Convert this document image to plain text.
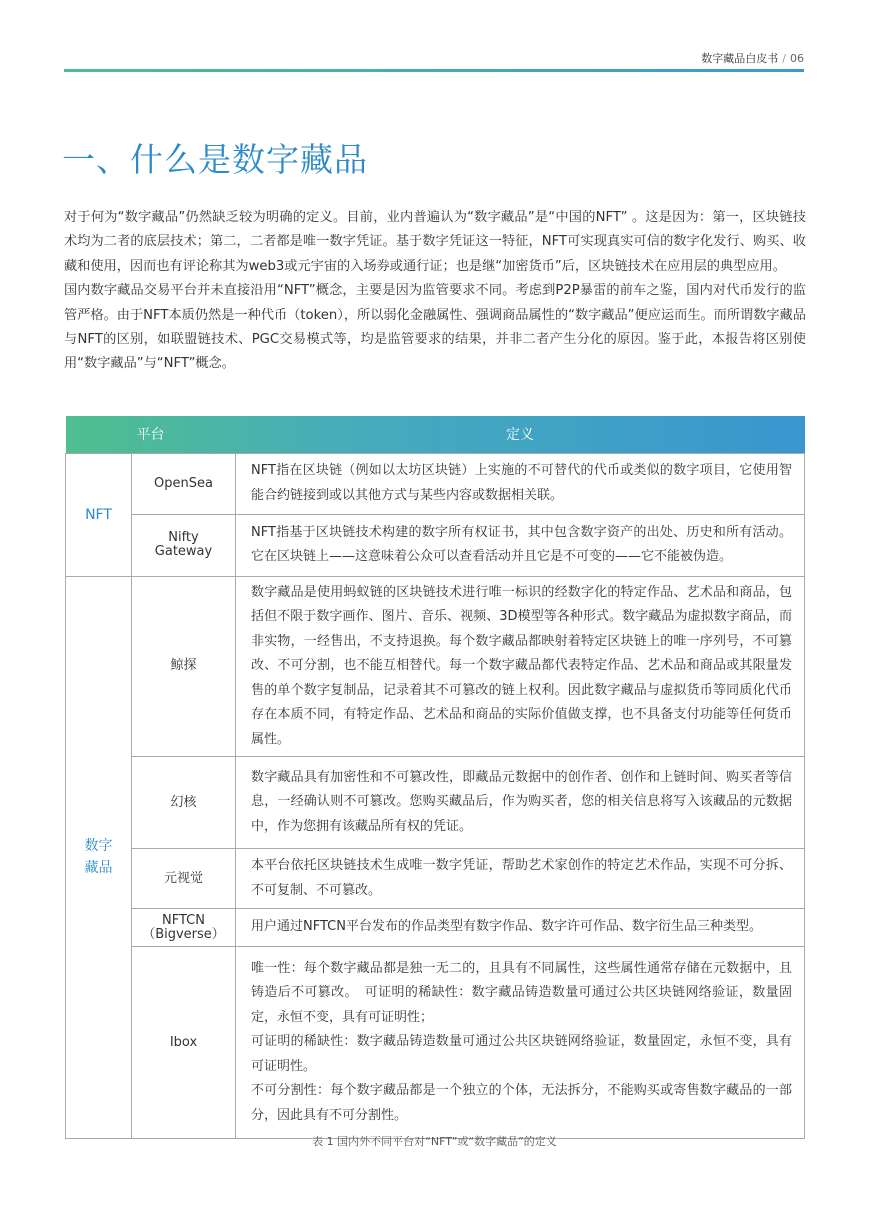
数字藏品白皮书 / 06
一、什么是数字藏品

对于何为“数字藏品”仍然缺乏较为明确的定义。目前，业内普遍认为“数字藏品”是“中国的NFT” 。这是因为：第一，区块链技术均为二者的底层技术；第二，二者都是唯一数字凭证。基于数字凭证这一特征，NFT可实现真实可信的数字化发行、购买、收藏和使用，因而也有评论称其为web3或元宇宙的入场券或通行证；也是继“加密货币”后，区块链技术在应用层的典型应用。

国内数字藏品交易平台并未直接沿用“NFT”概念，主要是因为监管要求不同。考虑到P2P暴雷的前车之鉴，国内对代币发行的监管严格。由于NFT本质仍然是一种代币（token），所以弱化金融属性、强调商品属性的“数字藏品”便应运而生。而所谓数字藏品与NFT的区别，如联盟链技术、PGC交易模式等，均是监管要求的结果，并非二者产生分化的原因。鉴于此，本报告将区别使用“数字藏品”与“NFT”概念。

平台		定义

NFT	OpenSea	NFT指在区块链（例如以太坊区块链）上实施的不可替代的代币或类似的数字项目，它使用智能合约链接到或以其他方式与某些内容或数据相关联。

	Nifty
Gateway	NFT指基于区块链技术构建的数字所有权证书，其中包含数字资产的出处、历史和所有活动。它在区块链上——这意味着公众可以查看活动并且它是不可变的——它不能被伪造。

数字
藏品	鲸探	数字藏品是使用蚂蚁链的区块链技术进行唯一标识的经数字化的特定作品、艺术品和商品，包括但不限于数字画作、图片、音乐、视频、3D模型等各种形式。数字藏品为虚拟数字商品，而非实物，一经售出，不支持退换。每个数字藏品都映射着特定区块链上的唯一序列号，不可篡改、不可分割，也不能互相替代。每一个数字藏品都代表特定作品、艺术品和商品或其限量发售的单个数字复制品，记录着其不可篡改的链上权利。因此数字藏品与虚拟货币等同质化代币存在本质不同，有特定作品、艺术品和商品的实际价值做支撑，也不具备支付功能等任何货币属性。

	幻核	数字藏品具有加密性和不可篡改性，即藏品元数据中的创作者、创作和上链时间、购买者等信息，一经确认则不可篡改。您购买藏品后，作为购买者，您的相关信息将写入该藏品的元数据中，作为您拥有该藏品所有权的凭证。

	元视觉	本平台依托区块链技术生成唯一数字凭证，帮助艺术家创作的特定艺术作品，实现不可分拆、不可复制、不可篡改。

	NFTCN
（Bigverse）	用户通过NFTCN平台发布的作品类型有数字作品、数字许可作品、数字衍生品三种类型。

	Ibox	唯一性：每个数字藏品都是独一无二的，且具有不同属性，这些属性通常存储在元数据中，且铸造后不可篡改。　可证明的稀缺性：数字藏品铸造数量可通过公共区块链网络验证，数量固定，永恒不变，具有可证明性；
可证明的稀缺性：数字藏品铸造数量可通过公共区块链网络验证，数量固定，永恒不变，具有可证明性。
不可分割性：每个数字藏品都是一个独立的个体，无法拆分，不能购买或寄售数字藏品的一部分，因此具有不可分割性。
表 1 国内外不同平台对“NFT”或“数字藏品”的定义
